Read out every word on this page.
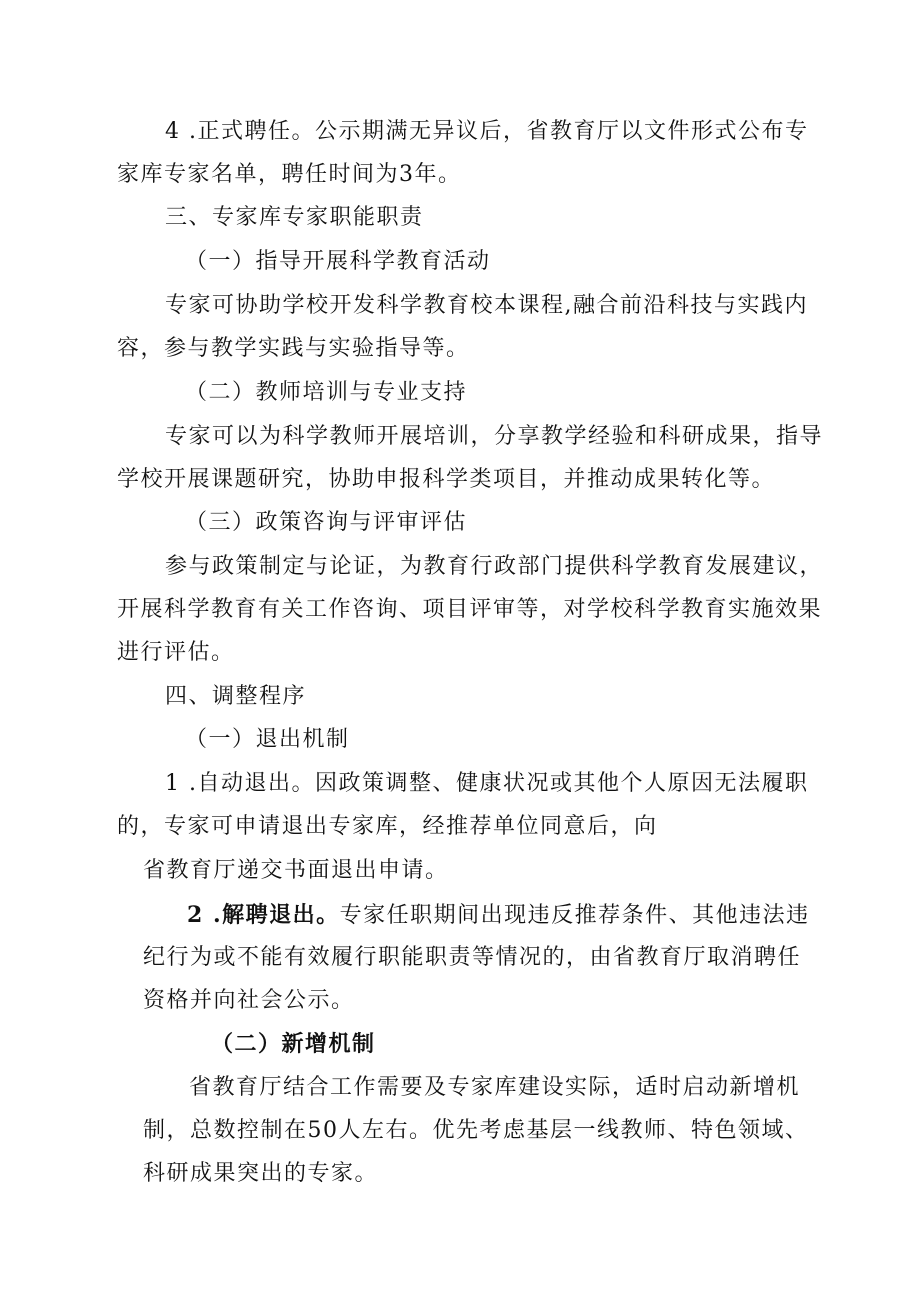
4 .正式聘任。公示期满无异议后，省教育厅以文件形式公布专
家库专家名单，聘任时间为3年。
三、专家库专家职能职责
（一）指导开展科学教育活动
专家可协助学校开发科学教育校本课程,融合前沿科技与实践内
容，参与教学实践与实验指导等。
（二）教师培训与专业支持
专家可以为科学教师开展培训，分享教学经验和科研成果，指导
学校开展课题研究，协助申报科学类项目，并推动成果转化等。
（三）政策咨询与评审评估
参与政策制定与论证，为教育行政部门提供科学教育发展建议，
开展科学教育有关工作咨询、项目评审等，对学校科学教育实施效果
进行评估。
四、调整程序
（一）退出机制
1 .自动退出。因政策调整、健康状况或其他个人原因无法履职
的，专家可申请退出专家库，经推荐单位同意后，向
省教育厅递交书面退出申请。
2 .解聘退出。专家任职期间出现违反推荐条件、其他违法违
纪行为或不能有效履行职能职责等情况的，由省教育厅取消聘任
资格并向社会公示。
（二）新增机制
省教育厅结合工作需要及专家库建设实际，适时启动新增机
制，总数控制在50人左右。优先考虑基层一线教师、特色领域、
科研成果突出的专家。
